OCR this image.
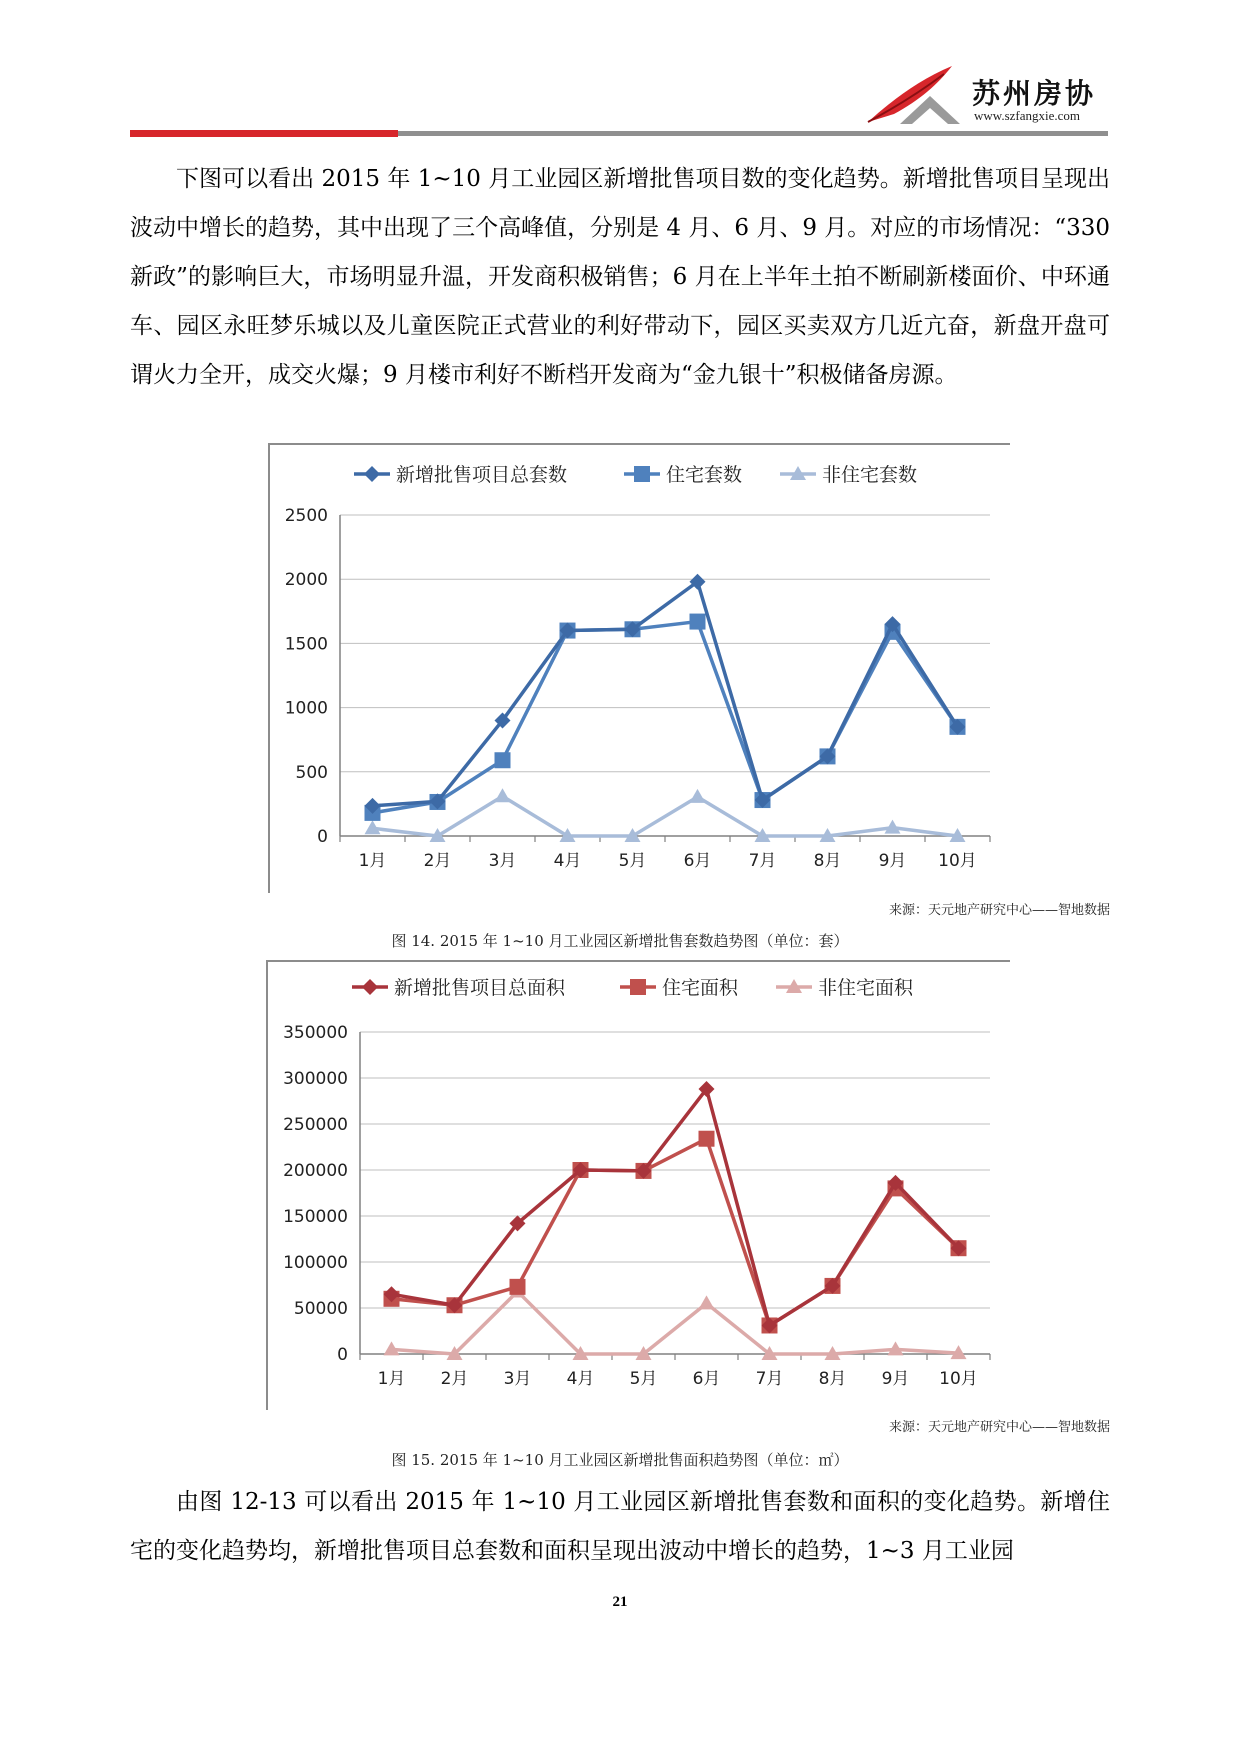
苏州房协
www.szfangxie.com

下图可以看出 2015 年 1~10 月工业园区新增批售项目数的变化趋势。新增批售项目呈现出波动中增长的趋势，其中出现了三个高峰值，分别是 4 月、6 月、9 月。对应的市场情况：“330 新政”的影响巨大，市场明显升温，开发商积极销售；6 月在上半年土拍不断刷新楼面价、中环通车、园区永旺梦乐城以及儿童医院正式营业的利好带动下，园区买卖双方几近亢奋，新盘开盘可谓火力全开，成交火爆；9 月楼市利好不断档开发商为“金九银十”积极储备房源。

0
500
1000
1500
2000
2500
1月 2月 3月 4月 5月 6月 7月 8月 9月 10月
新增批售项目总套数	住宅套数	非住宅套数
来源：天元地产研究中心——智地数据
图 14. 2015 年 1~10 月工业园区新增批售套数趋势图（单位：套）
0
50000
100000
150000
200000
250000
300000
350000
1月 2月 3月 4月 5月 6月 7月 8月 9月 10月
新增批售项目总面积	住宅面积	非住宅面积
来源：天元地产研究中心——智地数据
图 15. 2015 年 1~10 月工业园区新增批售面积趋势图（单位：㎡）

由图 12-13 可以看出 2015 年 1~10 月工业园区新增批售套数和面积的变化趋势。新增住宅的变化趋势均，新增批售项目总套数和面积呈现出波动中增长的趋势，1~3 月工业园

21
